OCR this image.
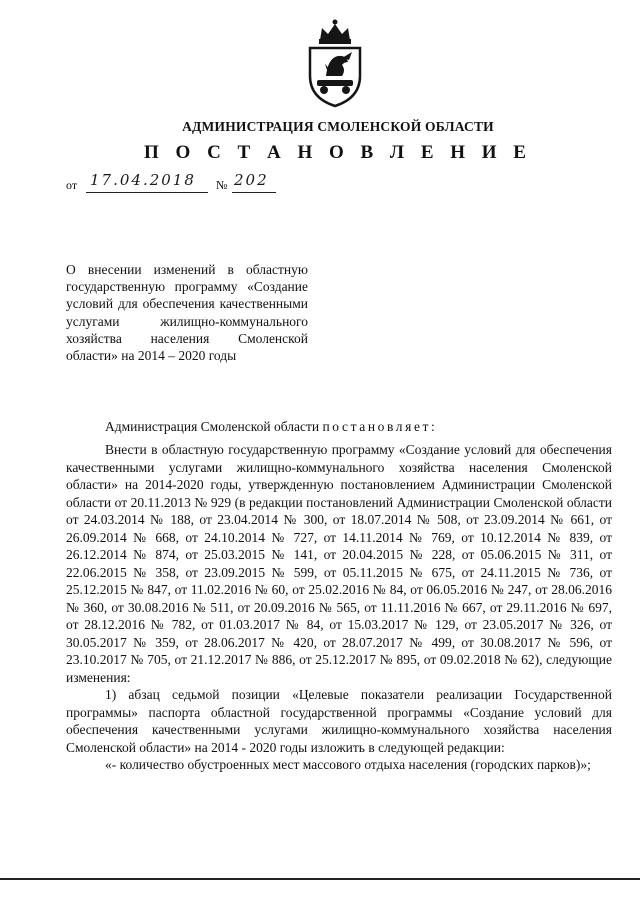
АДМИНИСТРАЦИЯ СМОЛЕНСКОЙ ОБЛАСТИ
П О С Т А Н О В Л Е Н И Е
от 17.04.2018 № 202
О внесении изменений в областную государственную программу «Создание условий для обеспечения качественными услугами жилищно-коммунального хозяйства населения Смоленской области» на 2014 – 2020 годы
Администрация Смоленской области постановляет:

Внести в областную государственную программу «Создание условий для обеспечения качественными услугами жилищно-коммунального хозяйства населения Смоленской области» на 2014-2020 годы, утвержденную постановлением Администрации Смоленской области от 20.11.2013 № 929 (в редакции постановлений Администрации Смоленской области от 24.03.2014 № 188, от 23.04.2014 № 300, от 18.07.2014 № 508, от 23.09.2014 № 661, от 26.09.2014 № 668, от 24.10.2014 № 727, от 14.11.2014 № 769, от 10.12.2014 № 839, от 26.12.2014 № 874, от 25.03.2015 № 141, от 20.04.2015 № 228, от 05.06.2015 № 311, от 22.06.2015 № 358, от 23.09.2015 № 599, от 05.11.2015 № 675, от 24.11.2015 № 736, от 25.12.2015 № 847, от 11.02.2016 № 60, от 25.02.2016 № 84, от 06.05.2016 № 247, от 28.06.2016 № 360, от 30.08.2016 № 511, от 20.09.2016 № 565, от 11.11.2016 № 667, от 29.11.2016 № 697, от 28.12.2016 № 782, от 01.03.2017 № 84, от 15.03.2017 № 129, от 23.05.2017 № 326, от 30.05.2017 № 359, от 28.06.2017 № 420, от 28.07.2017 № 499, от 30.08.2017 № 596, от 23.10.2017 № 705, от 21.12.2017 № 886, от 25.12.2017 № 895, от 09.02.2018 № 62), следующие изменения:

1) абзац седьмой позиции «Целевые показатели реализации Государственной программы» паспорта областной государственной программы «Создание условий для обеспечения качественными услугами жилищно-коммунального хозяйства населения Смоленской области» на 2014 - 2020 годы изложить в следующей редакции:

«- количество обустроенных мест массового отдыха населения (городских парков)»;
